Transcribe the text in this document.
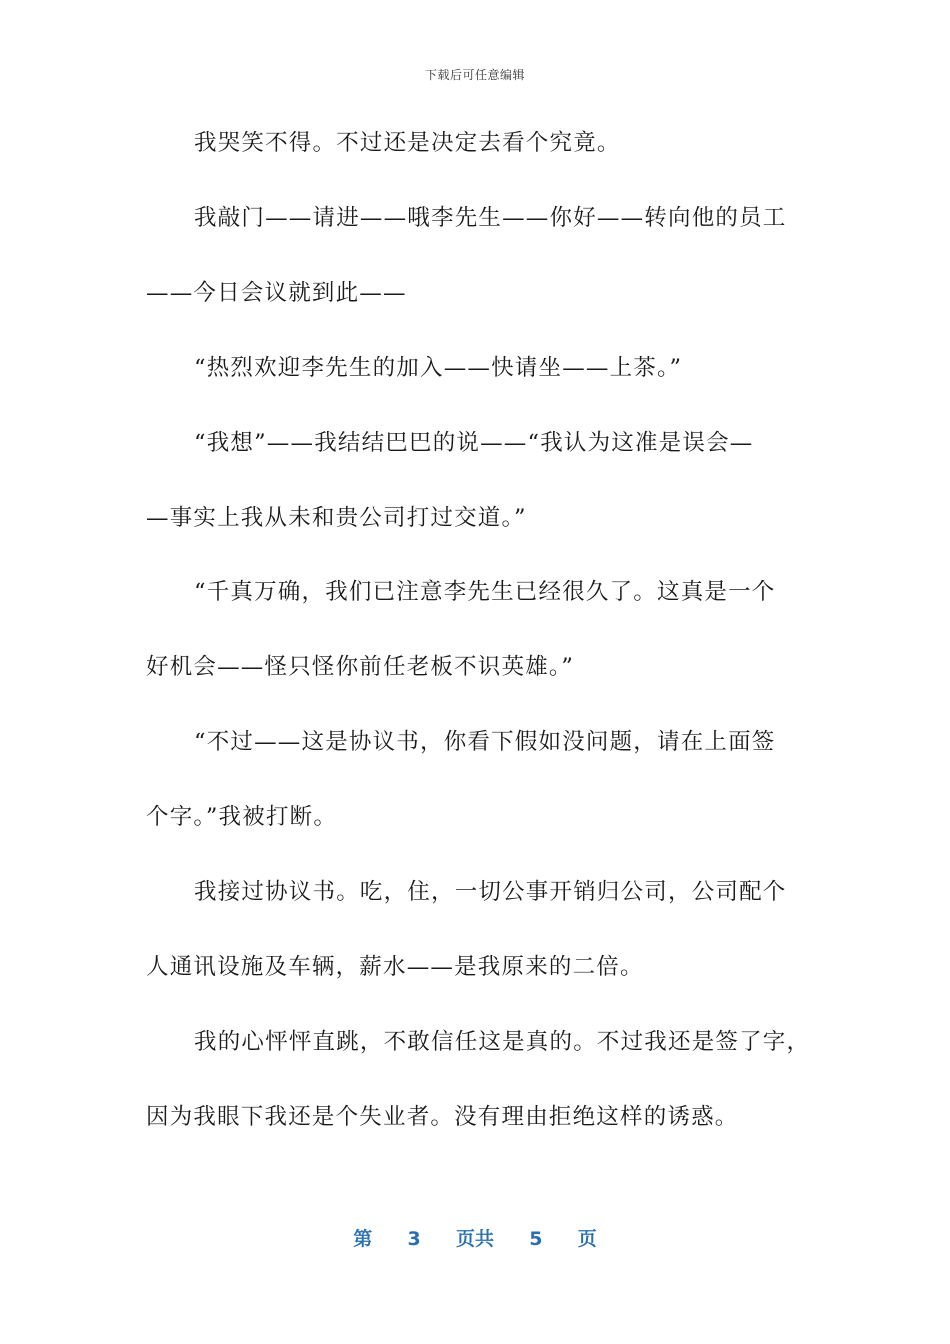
下载后可任意编辑
我哭笑不得。不过还是决定去看个究竟。
我敲门——请进——哦李先生——你好——转向他的员工
——今日会议就到此——
“热烈欢迎李先生的加入——快请坐——上茶。”
“我想”——我结结巴巴的说——“我认为这准是误会—
—事实上我从未和贵公司打过交道。”
“千真万确，我们已注意李先生已经很久了。这真是一个
好机会——怪只怪你前任老板不识英雄。”
“不过——这是协议书，你看下假如没问题，请在上面签
个字。”我被打断。
我接过协议书。吃，住，一切公事开销归公司，公司配个
人通讯设施及车辆，薪水——是我原来的二倍。
我的心怦怦直跳，不敢信任这是真的。不过我还是签了字，
因为我眼下我还是个失业者。没有理由拒绝这样的诱惑。
第 3 页共 5 页
